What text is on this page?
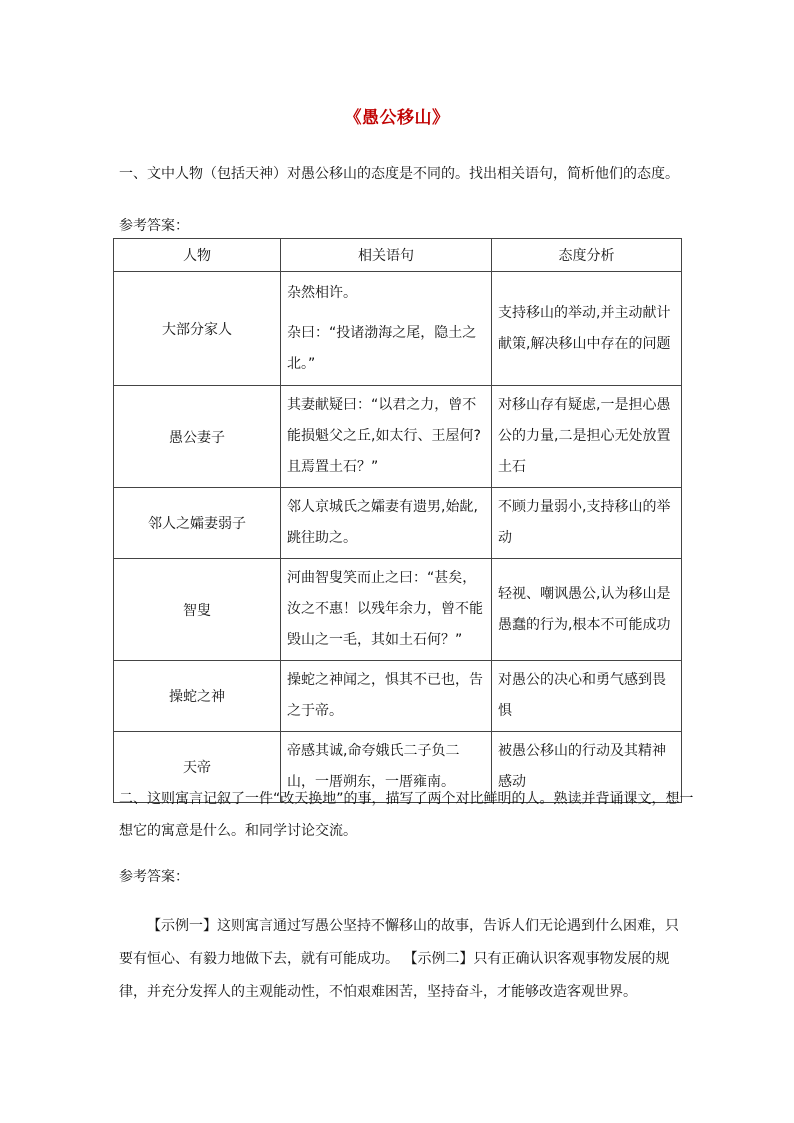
《愚公移山》
一、文中人物（包括天神）对愚公移山的态度是不同的。找出相关语句，简析他们的态度。
参考答案：
人物	相关语句	态度分析
大部分家人	杂然相许。

杂曰：“投诸渤海之尾，隐土之北。”	支持移山的举动,并主动献计献策,解决移山中存在的问题
愚公妻子	其妻献疑曰：“以君之力，曾不能损魁父之丘,如太行、王屋何?且焉置土石？”	对移山存有疑虑,一是担心愚公的力量,二是担心无处放置土石
邻人之孀妻弱子	邻人京城氏之孀妻有遗男,始龀,跳往助之。	不顾力量弱小,支持移山的举动
智叟	河曲智叟笑而止之曰：“甚矣，汝之不惠！以残年余力，曾不能毁山之一毛，其如土石何？”	轻视、嘲讽愚公,认为移山是愚蠢的行为,根本不可能成功
操蛇之神	操蛇之神闻之，惧其不已也，告之于帝。	对愚公的决心和勇气感到畏惧
天帝	帝感其诚,命夸娥氏二子负二山，一厝朔东，一厝雍南。	被愚公移山的行动及其精神感动
二、这则寓言记叙了一件“改天换地”的事，描写了两个对比鲜明的人。熟读并背诵课文，想一想它的寓意是什么。和同学讨论交流。
参考答案：
【示例一】这则寓言通过写愚公坚持不懈移山的故事，告诉人们无论遇到什么困难，只要有恒心、有毅力地做下去，就有可能成功。 【示例二】只有正确认识客观事物发展的规律，并充分发挥人的主观能动性，不怕艰难困苦，坚持奋斗，才能够改造客观世界。
